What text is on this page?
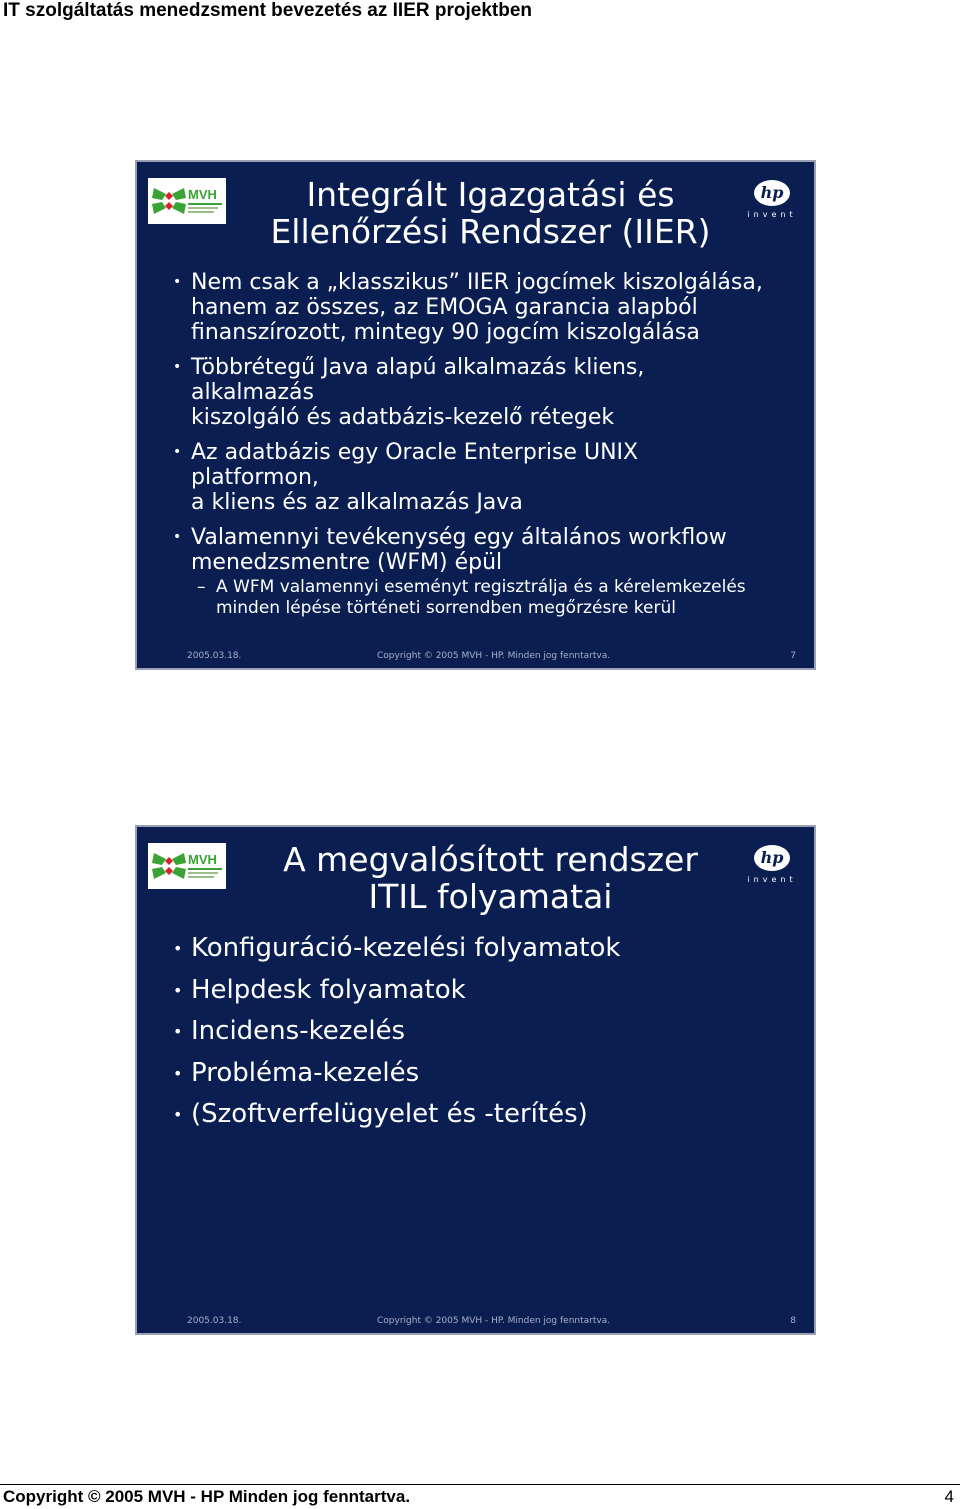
IT szolgáltatás menedzsment bevezetés az IIER projektben
MVH	hp
invent
Integrált Igazgatási és
Ellenőrzési Rendszer (IIER)
• Nem csak a „klasszikus” IIER jogcímek kiszolgálása,
hanem az összes, az EMOGA garancia alapból
finanszírozott, mintegy 90 jogcím kiszolgálása
• Többrétegű Java alapú alkalmazás kliens, alkalmazás
kiszolgáló és adatbázis-kezelő rétegek
• Az adatbázis egy Oracle Enterprise UNIX platformon,
a kliens és az alkalmazás Java
• Valamennyi tevékenység egy általános workflow
menedzsmentre (WFM) épül
– A WFM valamennyi eseményt regisztrálja és a kérelemkezelés
minden lépése történeti sorrendben megőrzésre kerül
2005.03.18.	Copyright © 2005 MVH - HP. Minden jog fenntartva.	7
MVH	hp
invent
A megvalósított rendszer
ITIL folyamatai
• Konfiguráció-kezelési folyamatok
• Helpdesk folyamatok
• Incidens-kezelés
• Probléma-kezelés
• (Szoftverfelügyelet és -terítés)
2005.03.18.	Copyright © 2005 MVH - HP. Minden jog fenntartva.	8
Copyright © 2005 MVH - HP Minden jog fenntartva.	4
